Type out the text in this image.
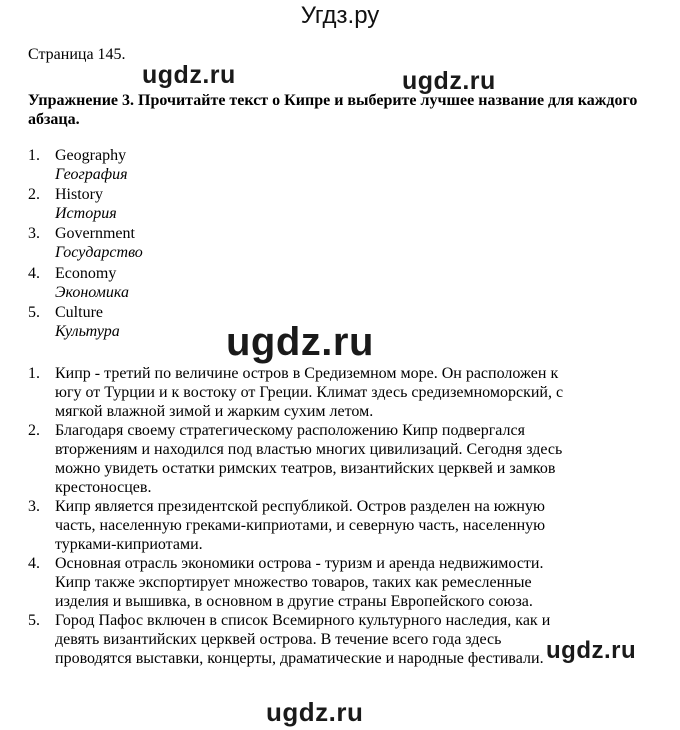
Угдз.ру
Страница 145.
Упражнение 3. Прочитайте текст о Кипре и выберите лучшее название для каждого абзаца.
1. Geography
География
2. History
История
3. Government
Государство
4. Economy
Экономика
5. Culture
Культура
1. Кипр - третий по величине остров в Средиземном море. Он расположен к
югу от Турции и к востоку от Греции. Климат здесь средиземноморский, с
мягкой влажной зимой и жарким сухим летом.
2. Благодаря своему стратегическому расположению Кипр подвергался
вторжениям и находился под властью многих цивилизаций. Сегодня здесь
можно увидеть остатки римских театров, византийских церквей и замков
крестоносцев.
3. Кипр является президентской республикой. Остров разделен на южную
часть, населенную греками-киприотами, и северную часть, населенную
турками-киприотами.
4. Основная отрасль экономики острова - туризм и аренда недвижимости.
Кипр также экспортирует множество товаров, таких как ремесленные
изделия и вышивка, в основном в другие страны Европейского союза.
5. Город Пафос включен в список Всемирного культурного наследия, как и
девять византийских церквей острова. В течение всего года здесь
проводятся выставки, концерты, драматические и народные фестивали.
ugdz.ru	ugdz.ru
ugdz.ru
ugdz.ru
ugdz.ru
